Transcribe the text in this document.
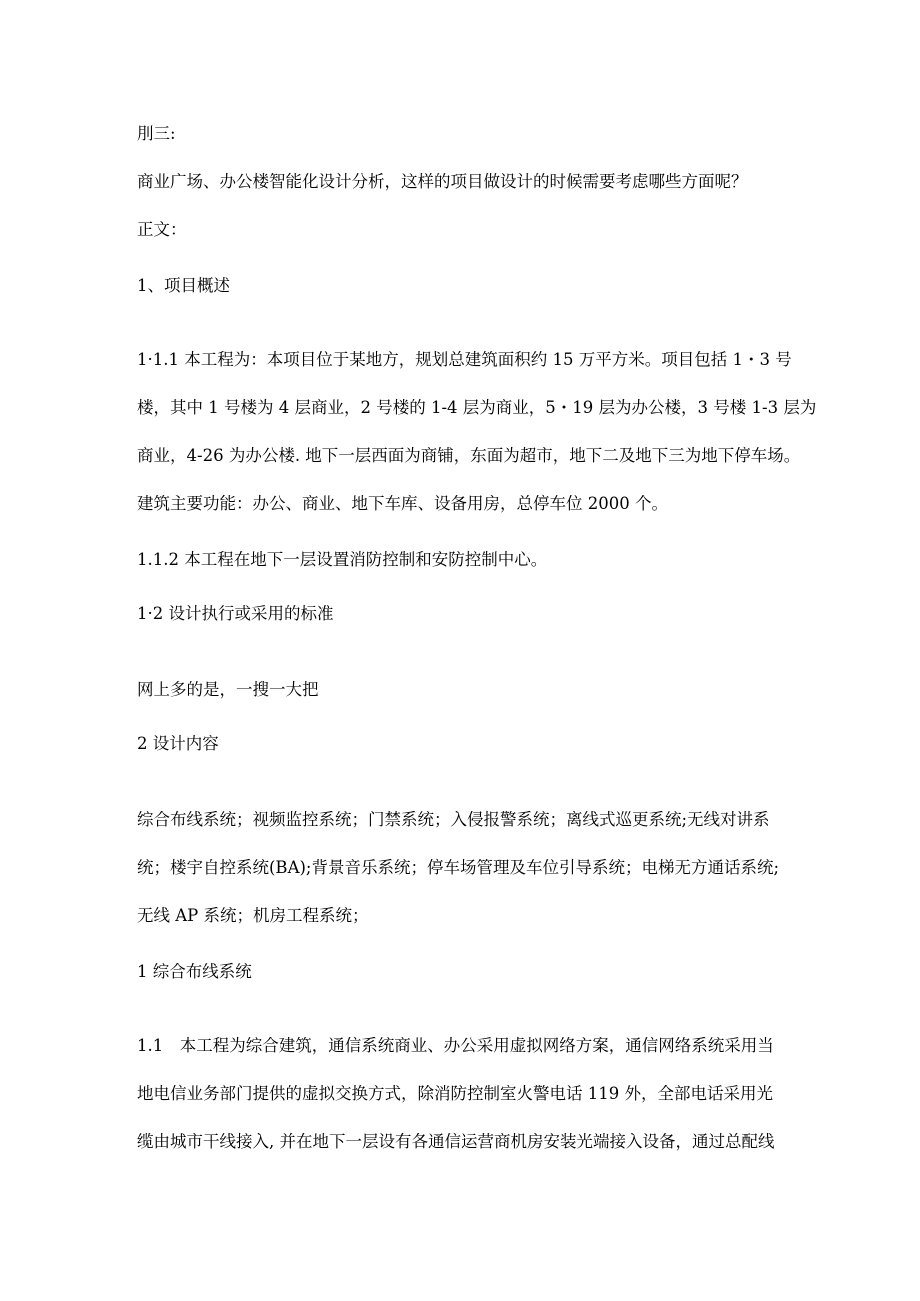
刖三:
商业广场、办公楼智能化设计分析，这样的项目做设计的时候需要考虑哪些方面呢？
正文：
1、项目概述
1·1.1 本工程为：本项目位于某地方，规划总建筑面积约 15 万平方米。项目包括 1・3 号
楼，其中 1 号楼为 4 层商业，2 号楼的 1-4 层为商业，5・19 层为办公楼，3 号楼 1-3 层为
商业，4-26 为办公楼. 地下一层西面为商铺，东面为超市，地下二及地下三为地下停车场。
建筑主要功能：办公、商业、地下车库、设备用房，总停车位 2000 个。
1.1.2 本工程在地下一层设置消防控制和安防控制中心。
1·2 设计执行或采用的标准
网上多的是，一搜一大把
2 设计内容
综合布线系统；视频监控系统；门禁系统；入侵报警系统；离线式巡更系统;无线对讲系
统；楼宇自控系统(BA);背景音乐系统；停车场管理及车位引导系统；电梯无方通话系统;
无线 AP 系统；机房工程系统；
1 综合布线系统
1.1　本工程为综合建筑，通信系统商业、办公采用虚拟网络方案，通信网络系统采用当
地电信业务部门提供的虚拟交换方式，除消防控制室火警电话 119 外，全部电话采用光
缆由城市干线接入, 并在地下一层设有各通信运营商机房安装光端接入设备，通过总配线
